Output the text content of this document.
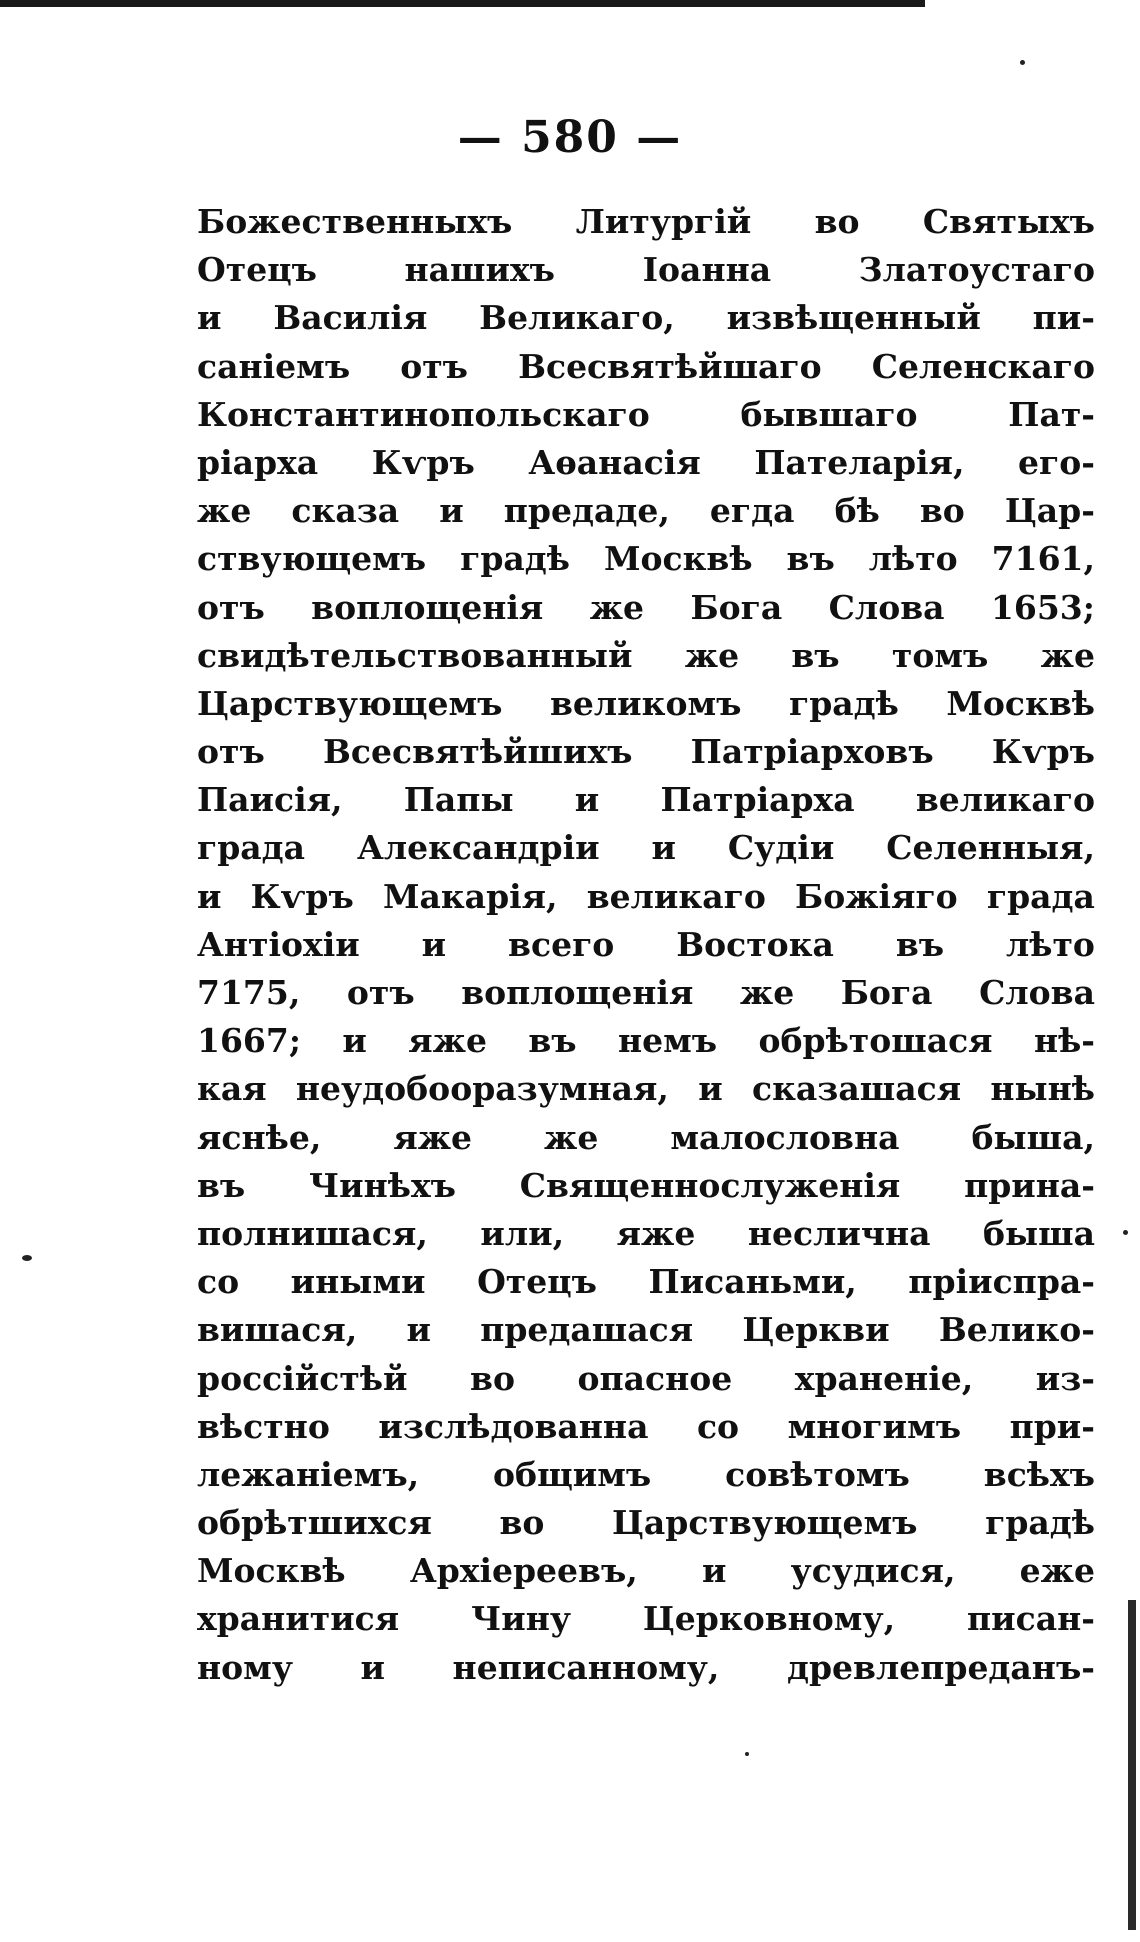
— 580 —
Божественныхъ Литургій во Святыхъ
Отецъ	нашихъ	Іоанна	Златоустаго
и Василія Великаго, извѣщенный пи-
саніемъ отъ Всесвятѣйшаго Селенскаго
Константинопольскаго	бывшаго	Пат-
ріарха Кѵръ Аѳанасія Пателарія, его-
же сказа и предаде, егда бѣ во Цар-
ствующемъ градѣ Москвѣ въ лѣто 7161,
отъ воплощенія же Бога Слова 1653;
свидѣтельствованный же въ томъ же
Царствующемъ великомъ градѣ Москвѣ
отъ Всесвятѣйшихъ Патріарховъ Кѵръ
Паисія, Папы и Патріарха великаго
града Александріи и Судіи Селенныя,
и Кѵръ Макарія, великаго Божіяго града
Антіохіи и всего Востока въ лѣто
7175, отъ воплощенія же Бога Слова
1667; и яже въ немъ обрѣтошася нѣ-
кая неудобоoразумная, и сказашася нынѣ
яснѣе, яже же малословна быша,
въ Чинѣхъ Священнослуженія прина-
полнишася, или, яже неслична быша
со иными Отецъ Писаньми, пріиспра-
вишася, и предашася Церкви Велико-
россійстѣй во опасное храненіе, из-
вѣстно изслѣдованна со многимъ при-
лежаніемъ, общимъ совѣтомъ всѣхъ
обрѣтшихся во Царствующемъ градѣ
Москвѣ Архіереевъ, и усудися, еже
хранитися Чину Церковному, писан-
ному и неписанному, древлепреданъ-
